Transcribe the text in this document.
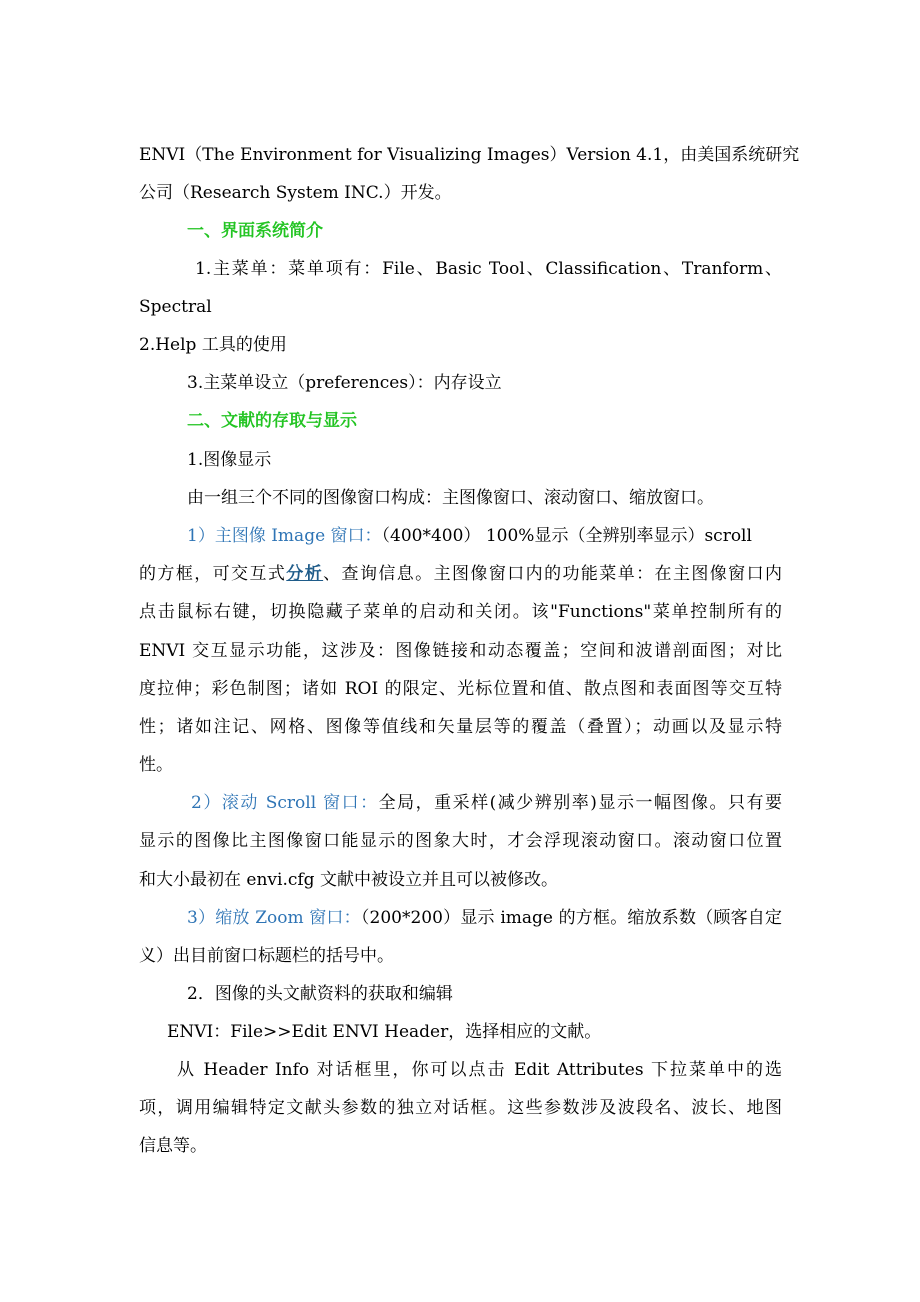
ENVI（The Environment for Visualizing Images）Version 4.1，由美国系统研究
公司（Research System INC.）开发。
一、界面系统简介
1.主菜单：菜单项有：File、Basic Tool、Classification、Tranform、
Spectral
2.Help 工具的使用
3.主菜单设立（preferences）：内存设立
二、文献的存取与显示
1.图像显示
由一组三个不同的图像窗口构成：主图像窗口、滚动窗口、缩放窗口。
1）主图像 Image 窗口：（400*400） 100%显示（全辨别率显示）scroll
的方框，可交互式分析、查询信息。主图像窗口内的功能菜单：在主图像窗口内
点击鼠标右键，切换隐藏子菜单的启动和关闭。该"Functions"菜单控制所有的
ENVI 交互显示功能，这涉及：图像链接和动态覆盖；空间和波谱剖面图；对比
度拉伸；彩色制图；诸如 ROI 的限定、光标位置和值、散点图和表面图等交互特
性；诸如注记、网格、图像等值线和矢量层等的覆盖（叠置）；动画以及显示特
性。
2）滚动 Scroll 窗口：全局，重采样(减少辨别率)显示一幅图像。只有要
显示的图像比主图像窗口能显示的图象大时，才会浮现滚动窗口。滚动窗口位置
和大小最初在 envi.cfg 文献中被设立并且可以被修改。
3）缩放 Zoom 窗口：（200*200）显示 image 的方框。缩放系数（顾客自定
义）出目前窗口标题栏的括号中。
2．图像的头文献资料的获取和编辑
ENVI：File>>Edit ENVI Header，选择相应的文献。
从 Header Info 对话框里，你可以点击 Edit Attributes 下拉菜单中的选
项，调用编辑特定文献头参数的独立对话框。这些参数涉及波段名、波长、地图
信息等。
